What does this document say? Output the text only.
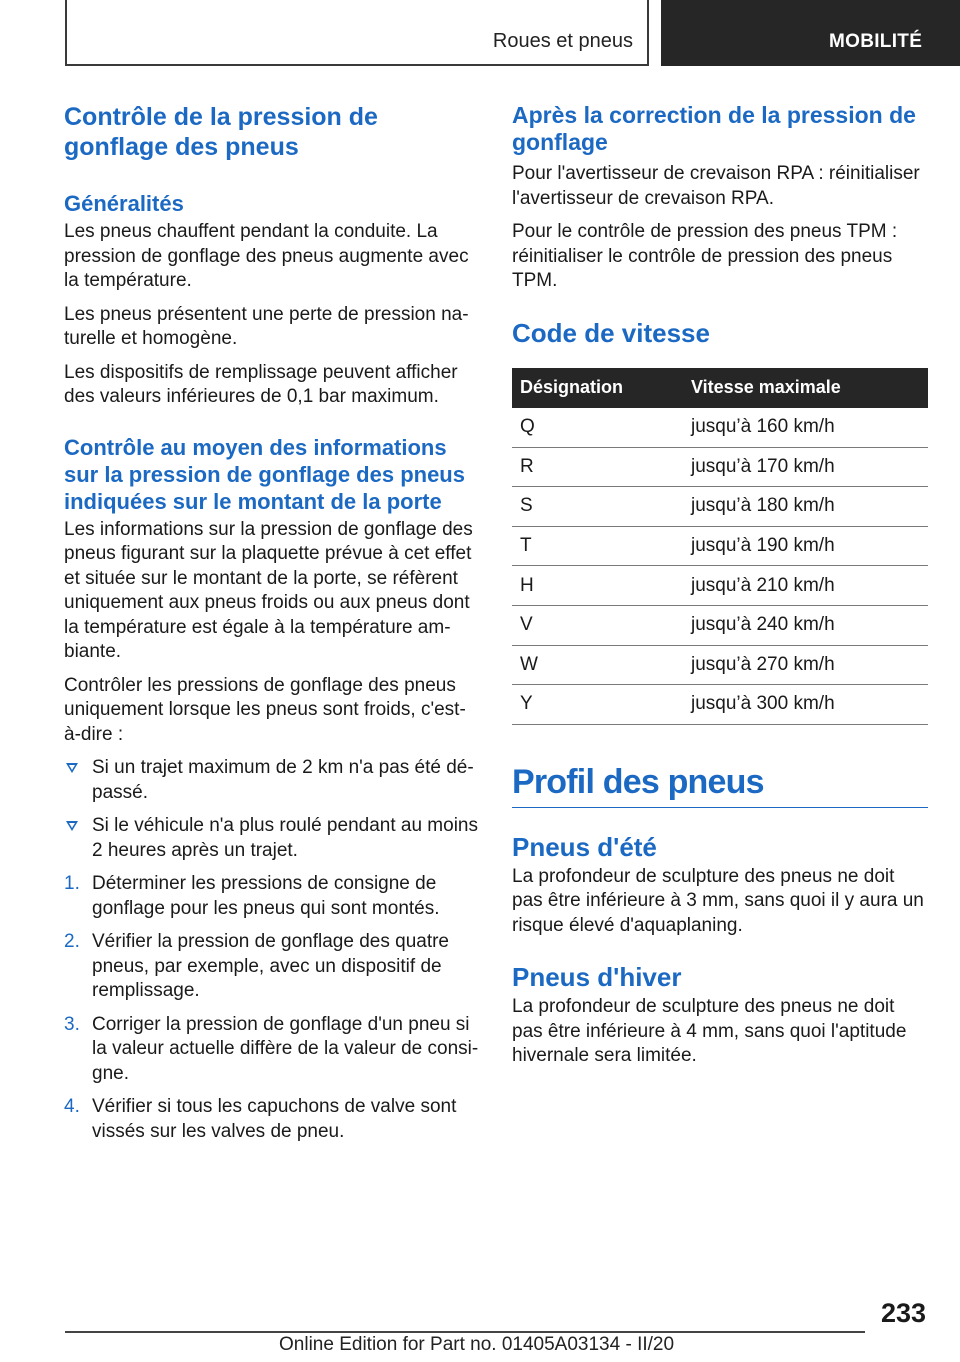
Roues et pneus	MOBILITÉ
Contrôle de la pression de gonflage des pneus
Généralités

Les pneus chauffent pendant la conduite. La pression de gonflage des pneus augmente avec la température.

Les pneus présentent une perte de pression naturelle et homogène.

Les dispositifs de remplissage peuvent afficher des valeurs inférieures de 0,1 bar maximum.

Contrôle au moyen des informations sur la pression de gonflage des pneus indiquées sur le montant de la porte

Les informations sur la pression de gonflage des pneus figurant sur la plaquette prévue à cet effet et située sur le montant de la porte, se réfèrent uniquement aux pneus froids ou aux pneus dont la température est égale à la température ambiante.

Contrôler les pressions de gonflage des pneus uniquement lorsque les pneus sont froids, c'est-à-dire :

Si un trajet maximum de 2 km n'a pas été dépassé.
Si le véhicule n'a plus roulé pendant au moins 2 heures après un trajet.
1. Déterminer les pressions de consigne de gonflage pour les pneus qui sont montés.
2. Vérifier la pression de gonflage des quatre pneus, par exemple, avec un dispositif de remplissage.
3. Corriger la pression de gonflage d'un pneu si la valeur actuelle diffère de la valeur de consigne.
4. Vérifier si tous les capuchons de valve sont vissés sur les valves de pneu.
Après la correction de la pression de gonflage

Pour l'avertisseur de crevaison RPA : réinitialiser l'avertisseur de crevaison RPA.

Pour le contrôle de pression des pneus TPM : réinitialiser le contrôle de pression des pneus TPM.

Code de vitesse
Désignation	Vitesse maximale
Q	jusqu’à 160 km/h
R	jusqu’à 170 km/h
S	jusqu’à 180 km/h
T	jusqu’à 190 km/h
H	jusqu’à 210 km/h
V	jusqu’à 240 km/h
W	jusqu’à 270 km/h
Y	jusqu’à 300 km/h
Profil des pneus
Pneus d'été

La profondeur de sculpture des pneus ne doit pas être inférieure à 3 mm, sans quoi il y aura un risque élevé d'aquaplaning.

Pneus d'hiver

La profondeur de sculpture des pneus ne doit pas être inférieure à 4 mm, sans quoi l'aptitude hivernale sera limitée.

233
Online Edition for Part no. 01405A03134 - II/20
